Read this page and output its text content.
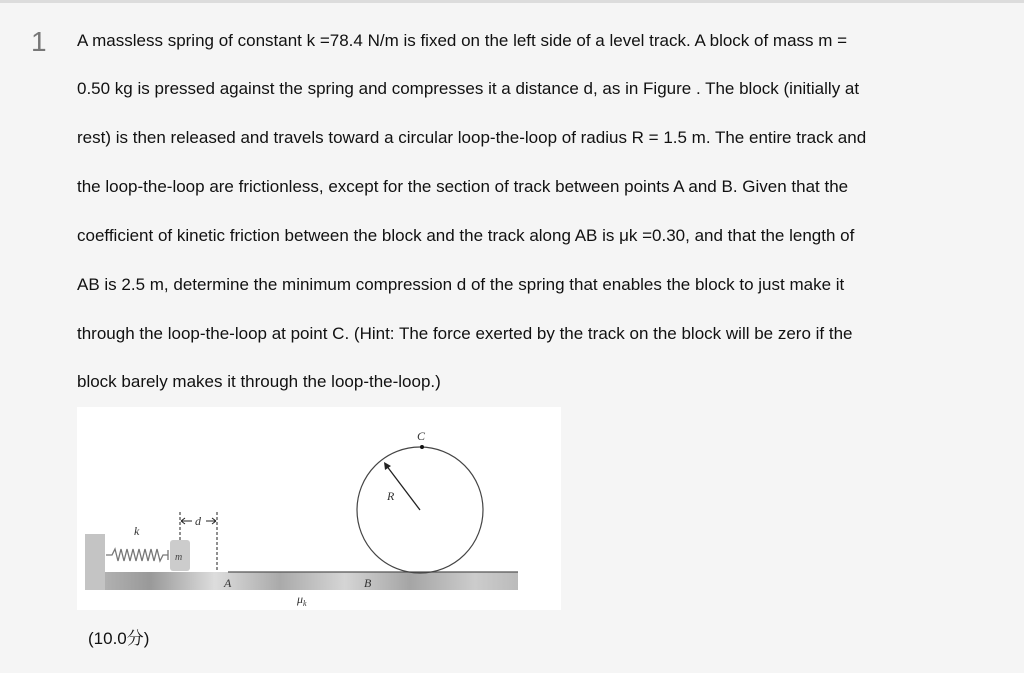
1 A massless spring of constant k =78.4 N/m is fixed on the left side of a level track. A block of mass m =
0.50 kg is pressed against the spring and compresses it a distance d, as in Figure . The block (initially at
rest) is then released and travels toward a circular loop-the-loop of radius R = 1.5 m. The entire track and
the loop-the-loop are frictionless, except for the section of track between points A and B. Given that the
coefficient of kinetic friction between the block and the track along AB is μk =0.30, and that the length of
AB is 2.5 m, determine the minimum compression d of the spring that enables the block to just make it
through the loop-the-loop at point C. (Hint: The force exerted by the track on the block will be zero if the
block barely makes it through the loop-the-loop.)
m
k
d
C
R
A	B
$\mu_k$
(10.0分)
